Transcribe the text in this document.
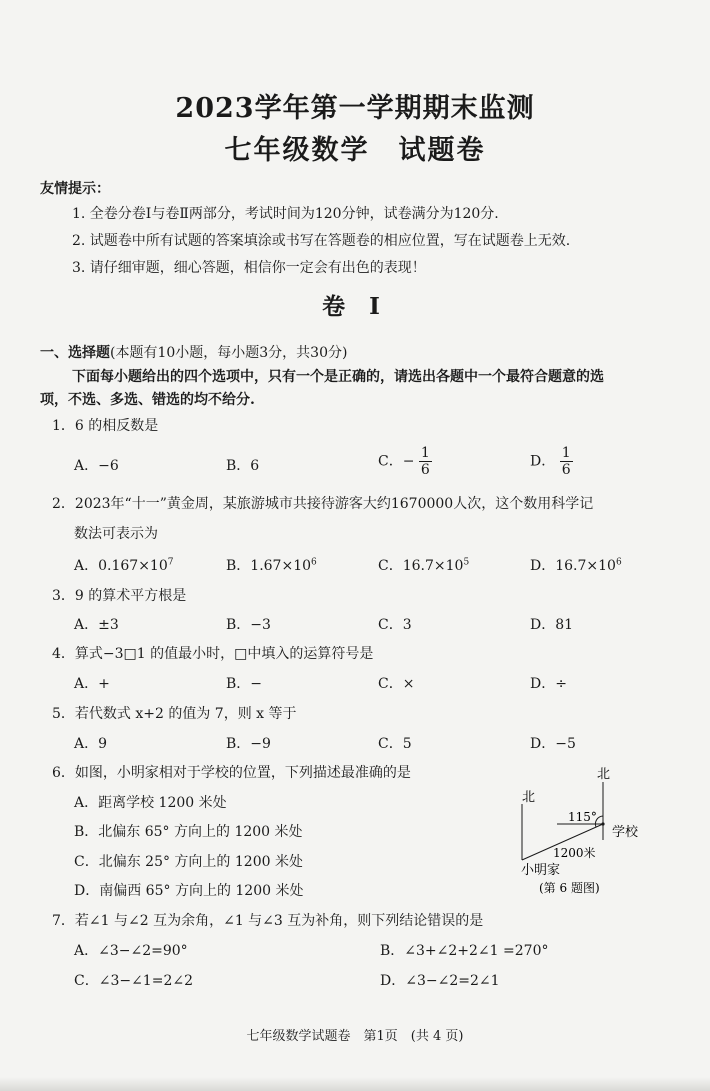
2023学年第一学期期末监测
七年级数学　试题卷
友情提示：
1. 全卷分卷Ⅰ与卷Ⅱ两部分，考试时间为120分钟，试卷满分为120分.
2. 试题卷中所有试题的答案填涂或书写在答题卷的相应位置，写在试题卷上无效.
3. 请仔细审题，细心答题，相信你一定会有出色的表现！
卷 Ⅰ
一、选择题(本题有10小题，每小题3分，共30分)
下面每小题给出的四个选项中，只有一个是正确的，请选出各题中一个最符合题意的选
项，不选、多选、错选的均不给分.
1．6 的相反数是
A．−6	B．6	C．− $\frac{1}{6}$	D． $\frac{1}{6}$
2．2023年“十一”黄金周，某旅游城市共接待游客大约1670000人次，这个数用科学记
数法可表示为
A．$0.167\times 10^7$	B．$1.67\times 10^6$	C．$16.7\times 10^5$	D．$16.7\times 10^6$
3．9 的算术平方根是
A．±3	B．−3	C．3	D．81
4．算式−3□1 的值最小时，□中填入的运算符号是
A．+	B．−	C．×	D．÷
5．若代数式 x+2 的值为 7，则 x 等于
A．9	B．−9	C．5	D．−5
6．如图，小明家相对于学校的位置，下列描述最准确的是
A．距离学校 1200 米处
B．北偏东 65° 方向上的 1200 米处
C．北偏东 25° 方向上的 1200 米处
D．南偏西 65° 方向上的 1200 米处
北
北
115°
学校
1200米
小明家
(第 6 题图)
7．若∠1 与∠2 互为余角，∠1 与∠3 互为补角，则下列结论错误的是
A．∠3−∠2=90°	B．∠3+∠2+2∠1 =270°
C．∠3−∠1=2∠2	D．∠3−∠2=2∠1
七年级数学试题卷　第1页　(共 4 页)
